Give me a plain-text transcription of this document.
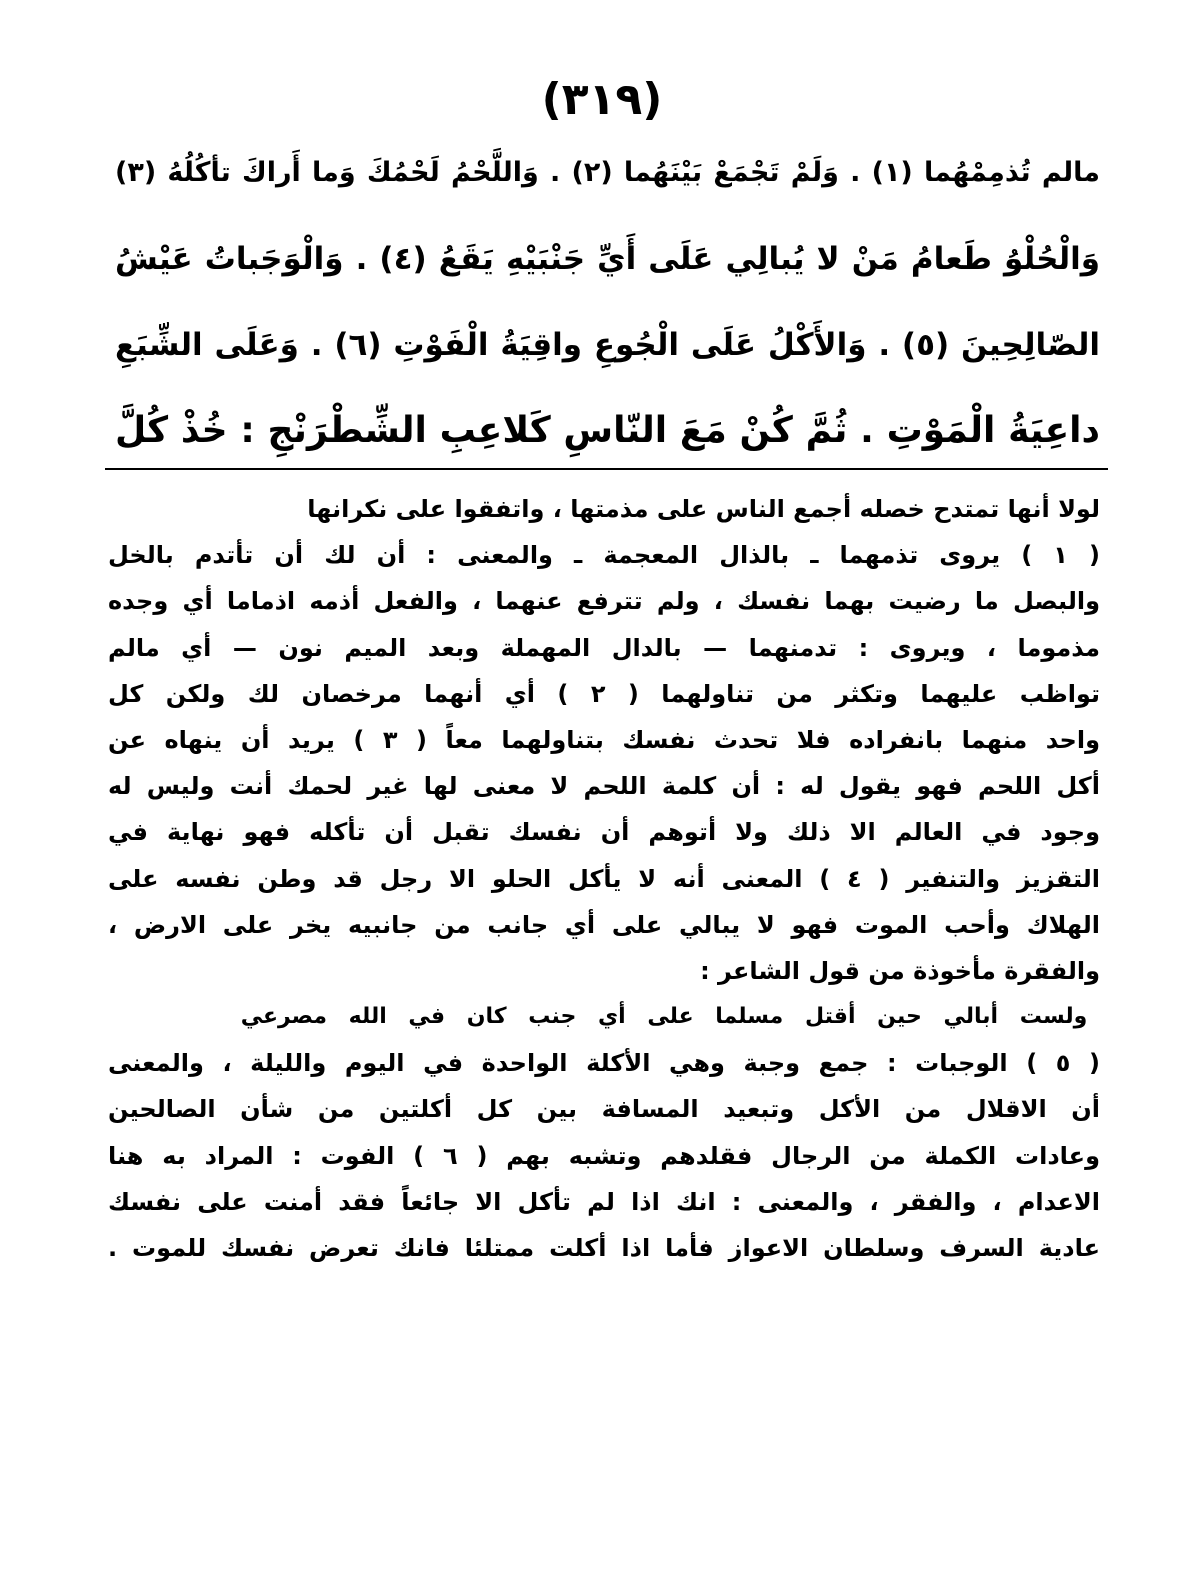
(٣١٩)
مالم تُذمِمْهُما (١) . وَلَمْ تَجْمَعْ بَيْنَهُما (٢) . وَاللَّحْمُ لَحْمُكَ وَما أَراكَ تأكُلُهُ (٣)
وَالْحُلْوُ طَعامُ مَنْ لا يُبالِي عَلَى أَيِّ جَنْبَيْهِ يَقَعُ (٤) . وَالْوَجَباتُ عَيْشُ
الصّالِحِينَ (٥) . وَالأَكْلُ عَلَى الْجُوعِ واقِيَةُ الْفَوْتِ (٦) . وَعَلَى الشِّبَعِ
داعِيَةُ الْمَوْتِ . ثُمَّ كُنْ مَعَ النّاسِ كَلاعِبِ الشِّطْرَنْجِ : خُذْ كُلَّ
لولا أنها تمتدح خصله أجمع الناس على مذمتها ، واتفقوا على نكرانها
( ١ ) يروى تذمهما ـ بالذال المعجمة ـ والمعنى : أن لك أن تأتدم بالخل
والبصل ما رضيت بهما نفسك ، ولم تترفع عنهما ، والفعل أذمه اذماما أي وجده
مذموما ، ويروى : تدمنهما — بالدال المهملة وبعد الميم نون — أي مالم
تواظب عليهما وتكثر من تناولهما ( ٢ ) أي أنهما مرخصان لك ولكن كل
واحد منهما بانفراده فلا تحدث نفسك بتناولهما معاً ( ٣ ) يريد أن ينهاه عن
أكل اللحم فهو يقول له : أن كلمة اللحم لا معنى لها غير لحمك أنت وليس له
وجود في العالم الا ذلك ولا أتوهم أن نفسك تقبل أن تأكله فهو نهاية في
التقزيز والتنفير ( ٤ ) المعنى أنه لا يأكل الحلو الا رجل قد وطن نفسه على
الهلاك وأحب الموت فهو لا يبالي على أي جانب من جانبيه يخر على الارض ،
والفقرة مأخوذة من قول الشاعر :
ولست أبالي حين أقتل مسلما على أي جنب كان في الله مصرعي
( ٥ ) الوجبات : جمع وجبة وهي الأكلة الواحدة في اليوم والليلة ، والمعنى
أن الاقلال من الأكل وتبعيد المسافة بين كل أكلتين من شأن الصالحين
وعادات الكملة من الرجال فقلدهم وتشبه بهم ( ٦ ) الفوت : المراد به هنا
الاعدام ، والفقر ، والمعنى : انك اذا لم تأكل الا جائعاً فقد أمنت على نفسك
عادية السرف وسلطان الاعواز فأما اذا أكلت ممتلئا فانك تعرض نفسك للموت .
